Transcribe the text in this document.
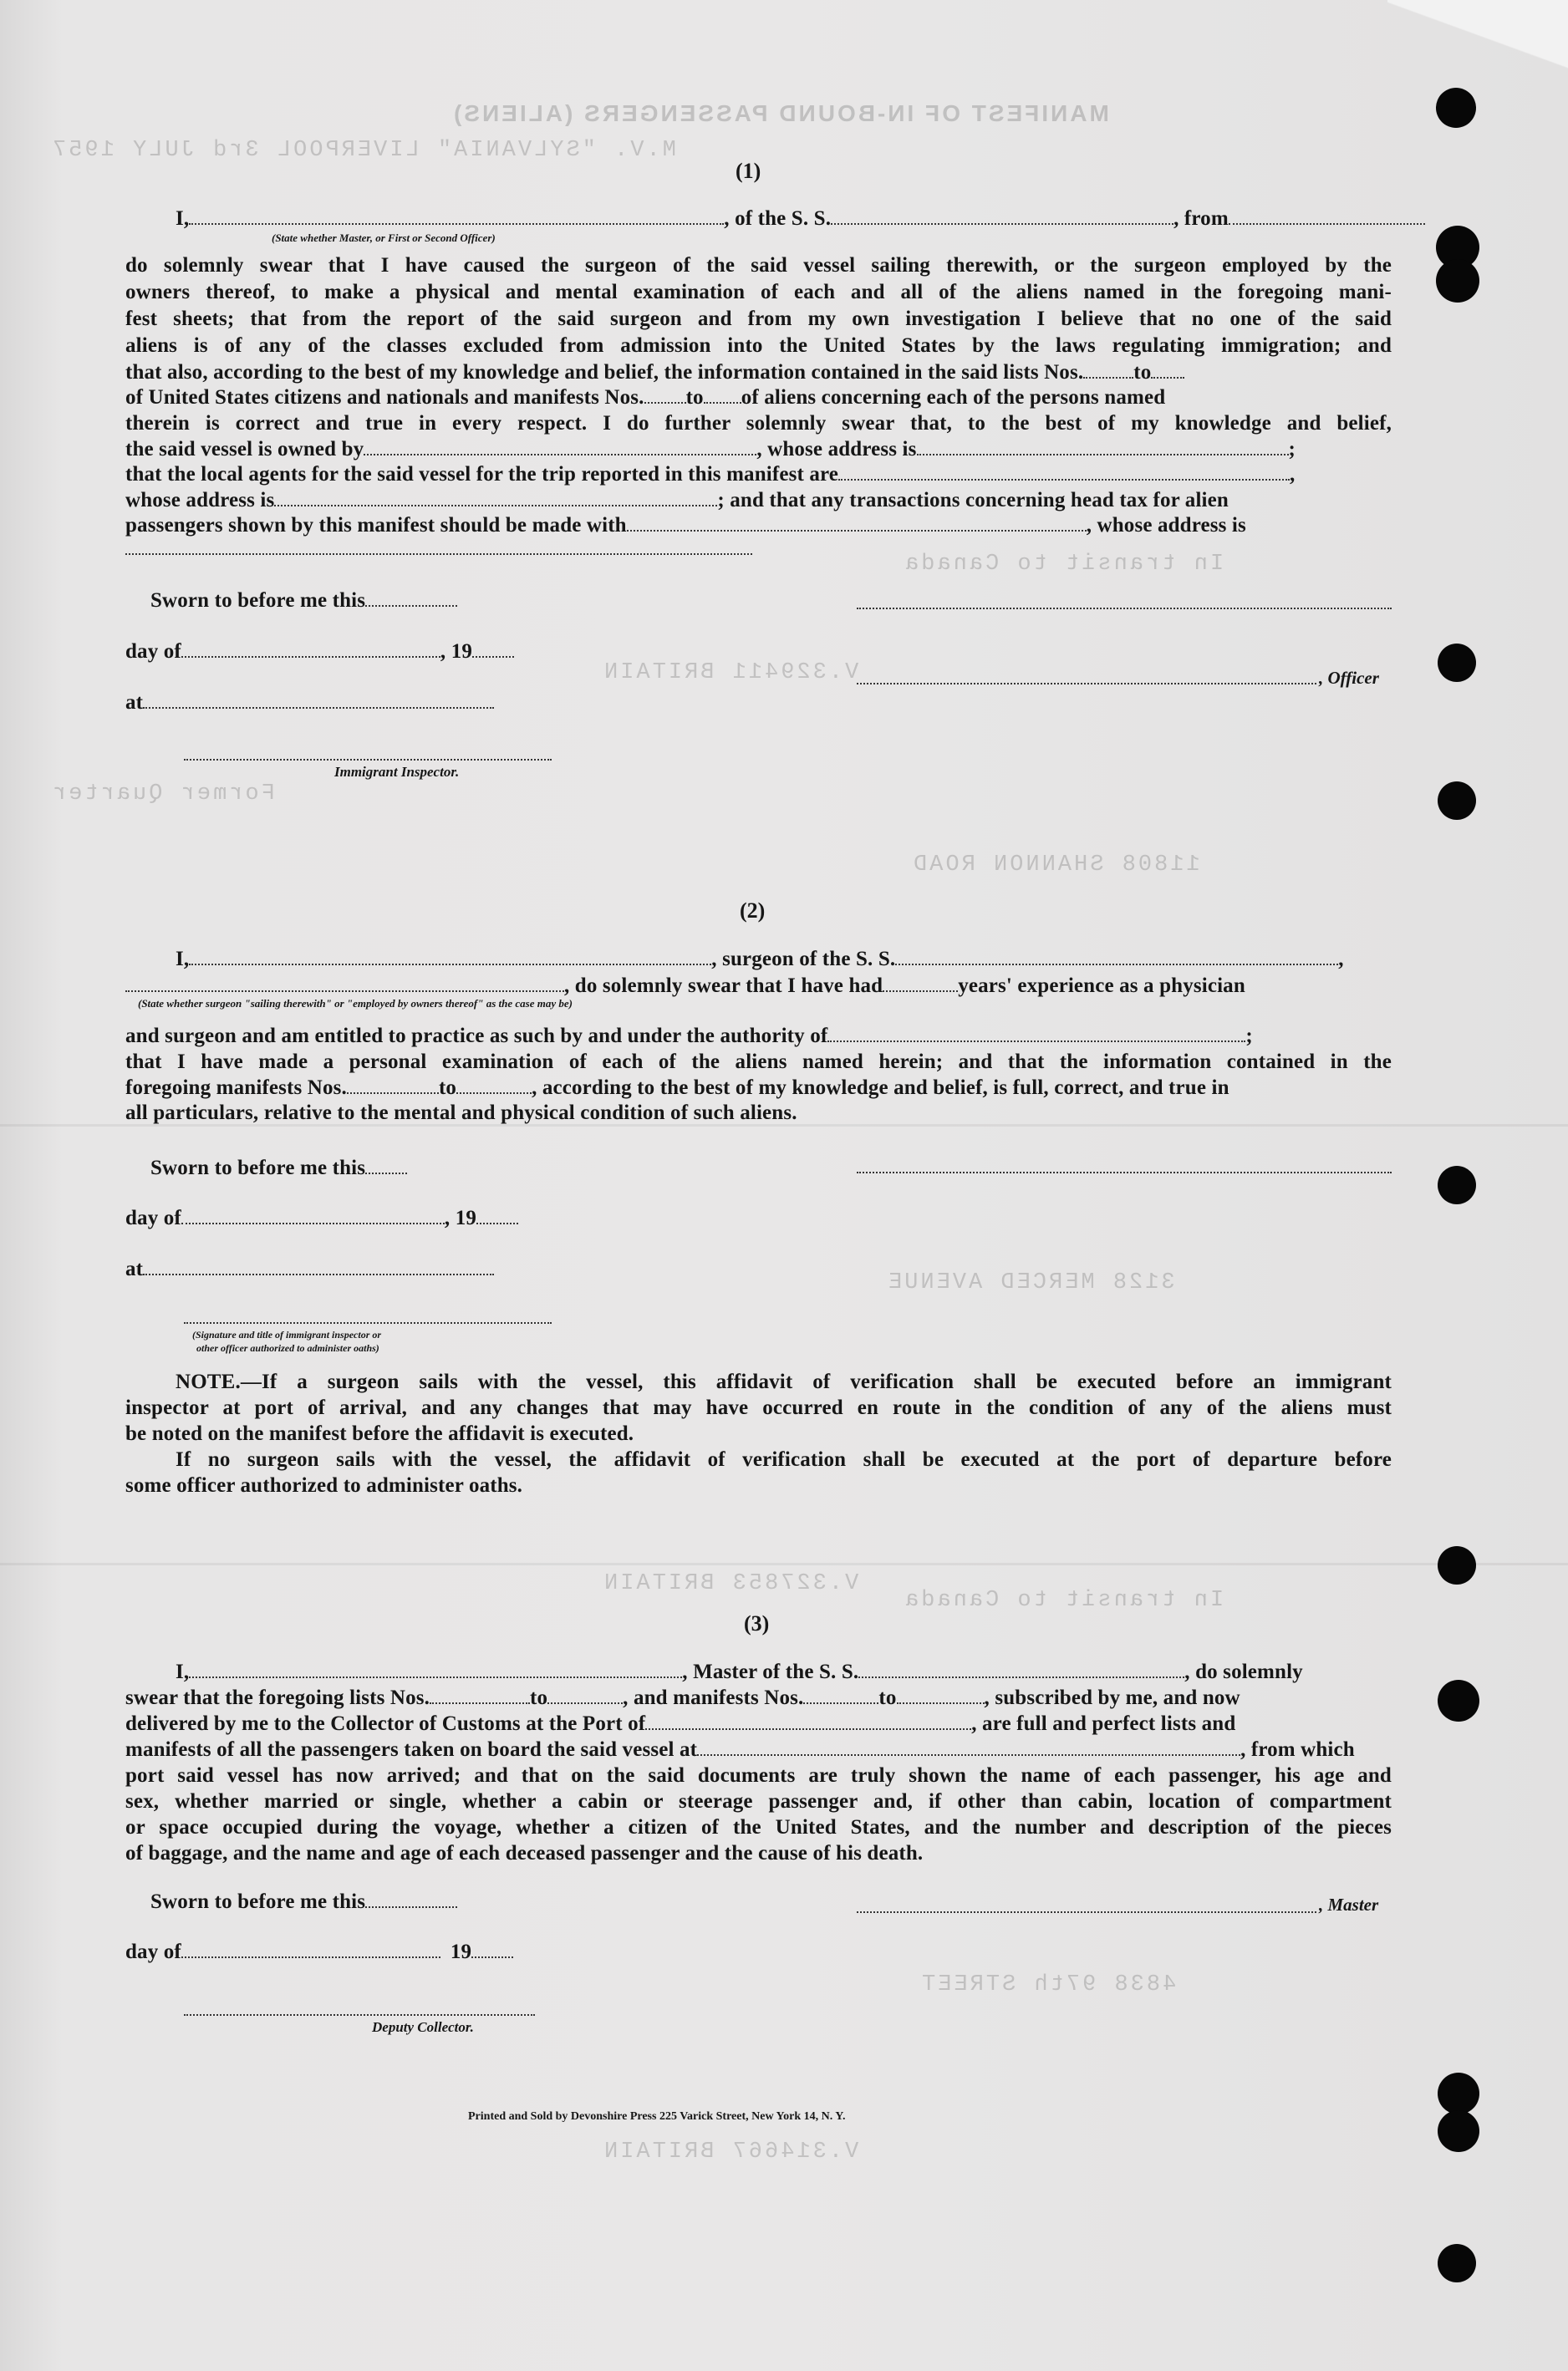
MANIFEST OF IN-BOUND PASSENGERS (ALIENS)
M.V. "SYLVANIA" LIVERPOOL 3rd JULY 1957
In transit to Canada
Former Quarter
V.329411 BRITAIN
11808 SHANNON ROAD
3128 MERCED AVENUE
V.327853 BRITAIN
In transit to Canada
4838 97th STREET
V.314667 BRITAIN
(1)
I,	, of the S. S.	, from
(State whether Master, or First or Second Officer)
do solemnly swear that I have caused the surgeon of the said vessel sailing therewith, or the surgeon employed by the
owners thereof, to make a physical and mental examination of each and all of the aliens named in the foregoing mani-
fest sheets; that from the report of the said surgeon and from my own investigation I believe that no one of the said
aliens is of any of the classes excluded from admission into the United States by the laws regulating immigration; and
that also, according to the best of my knowledge and belief, the information contained in the said lists Nos. to
of United States citizens and nationals and manifests Nos. to of aliens concerning each of the persons named
therein is correct and true in every respect. I do further solemnly swear that, to the best of my knowledge and belief,
the said vessel is owned by	, whose address is	;
that the local agents for the said vessel for the trip reported in this manifest are	,
whose address is	; and that any transactions concerning head tax for alien
passengers shown by this manifest should be made with	, whose address is
Sworn to before me this
day of	, 19
, Officer
at
Immigrant Inspector.
(2)
I,	, surgeon of the S. S.	,
, do solemnly swear that I have had	years' experience as a physician
(State whether surgeon "sailing therewith" or "employed by owners thereof" as the case may be)
and surgeon and am entitled to practice as such by and under the authority of	;
that I have made a personal examination of each of the aliens named herein; and that the information contained in the
foregoing manifests Nos.	to	, according to the best of my knowledge and belief, is full, correct, and true in
all particulars, relative to the mental and physical condition of such aliens.
Sworn to before me this
day of	, 19
at
(Signature and title of immigrant inspector or
other officer authorized to administer oaths)
NOTE.—If a surgeon sails with the vessel, this affidavit of verification shall be executed before an immigrant
inspector at port of arrival, and any changes that may have occurred en route in the condition of any of the aliens must
be noted on the manifest before the affidavit is executed.
If no surgeon sails with the vessel, the affidavit of verification shall be executed at the port of departure before
some officer authorized to administer oaths.
(3)
I,	, Master of the S. S.	, do solemnly
swear that the foregoing lists Nos.	to	, and manifests Nos.	to	, subscribed by me, and now
delivered by me to the Collector of Customs at the Port of	, are full and perfect lists and
manifests of all the passengers taken on board the said vessel at	, from which
port said vessel has now arrived; and that on the said documents are truly shown the name of each passenger, his age and
sex, whether married or single, whether a cabin or steerage passenger and, if other than cabin, location of compartment
or space occupied during the voyage, whether a citizen of the United States, and the number and description of the pieces
of baggage, and the name and age of each deceased passenger and the cause of his death.
Sworn to before me this	, Master
day of	19
Deputy Collector.
Printed and Sold by Devonshire Press 225 Varick Street, New York 14, N. Y.
